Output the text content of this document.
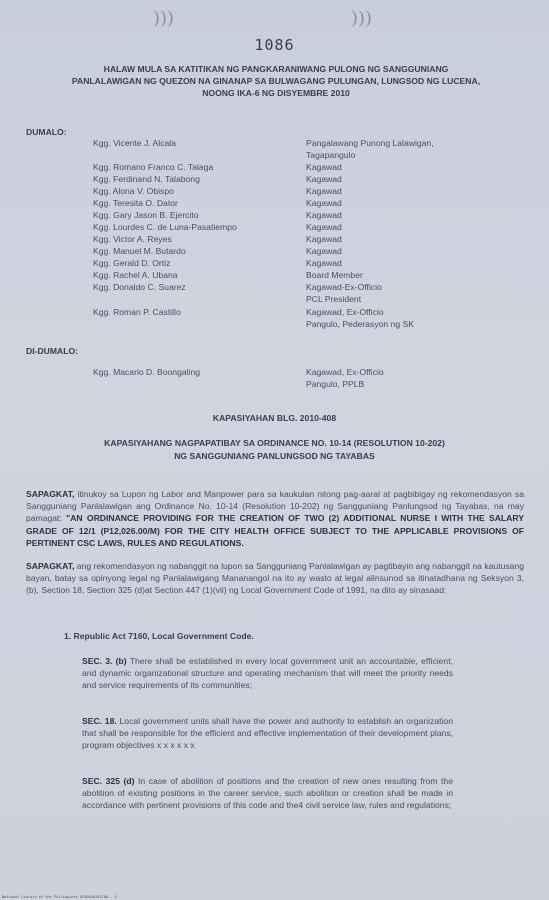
)))	)))
1086
HALAW MULA SA KATITIKAN NG PANGKARANIWANG PULONG NG SANGGUNIANG
PANLALAWIGAN NG QUEZON NA GINANAP SA BULWAGANG PULUNGAN, LUNGSOD NG LUCENA,
NOONG IKA-6 NG DISYEMBRE 2010
DUMALO:
Kgg. Vicente J. Alcala	Pangalawang Punong Lalawigan,
Tagapangulo
Kgg. Romano Franco C. Talaga	Kagawad
Kgg. Ferdinand N. Talabong	Kagawad
Kgg. Alona V. Obispo	Kagawad
Kgg. Teresita O. Dator	Kagawad
Kgg. Gary Jason B. Ejercito	Kagawad
Kgg. Lourdes C. de Luna-Pasatiempo	Kagawad
Kgg. Victor A. Reyes	Kagawad
Kgg. Manuel M. Butardo	Kagawad
Kgg. Gerald D. Ortiz	Kagawad
Kgg. Rachel A. Ubana	Board Member
Kgg. Donaldo C. Suarez	Kagawad-Ex-Officio
PCL President
Kgg. Roman P. Castillo	Kagawad, Ex-Officio
Pangulo, Pederasyon ng SK
DI-DUMALO:
Kgg. Macario D. Boongaling	Kagawad, Ex-Officio
Pangulo, PPLB
KAPASIYAHAN BLG. 2010-408
KAPASIYAHANG NAGPAPATIBAY SA ORDINANCE NO. 10-14 (RESOLUTION 10-202)
NG SANGGUNIANG PANLUNGSOD NG TAYABAS
SAPAGKAT, itinukoy sa Lupon ng Labor and Manpower para sa kaukulan nitong pag-aaral at pagbibigay ng rekomendasyon sa Sangguniang Panlalawigan ang Ordinance No. 10-14 (Resolution 10-202) ng Sangguniang Panlungsod ng Tayabas, na may pamagat: "AN ORDINANCE PROVIDING FOR THE CREATION OF TWO (2) ADDITIONAL NURSE I WITH THE SALARY GRADE OF 12/1 (P12,026.00/M) FOR THE CITY HEALTH OFFICE SUBJECT TO THE APPLICABLE PROVISIONS OF PERTINENT CSC LAWS, RULES AND REGULATIONS.
SAPAGKAT, ang rekomendasyon ng nabanggit na lupon sa Sangguniang Panlalawigan ay pagtibayin ang nabanggit na kautusang bayan, batay sa opinyong legal ng Panlalawigang Mananangol na ito ay wasto at legal alinsunod sa itinatadhana ng Seksyon 3, (b), Section 18, Section 325 (d)at Section 447 (1)(vii) ng Local Government Code of 1991, na dito ay sinasaad:
1. Republic Act 7160, Local Government Code.
SEC. 3. (b) There shall be established in every local government unit an accountable, efficient, and dynamic organizational structure and operating mechanism that will meet the priority needs and service requirements of its communities;
SEC. 18. Local government units shall have the power and authority to establish an organization that shall be responsible for the efficient and effective implementation of their development plans, program objectives x x x x x x
SEC. 325 (d) In case of abolition of positions and the creation of new ones resulting from the abolition of existing positions in the career service, such abolition or creation shall be made in accordance with pertinent provisions of this code and the4 civil service law, rules and regulations;
National Library of the Philippines QC00046202C00 - 0
